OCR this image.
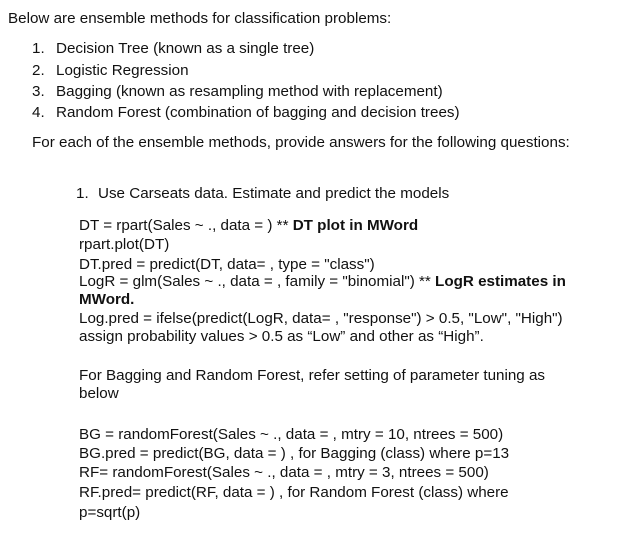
Below are ensemble methods for classification problems:
1. Decision Tree (known as a single tree)
2. Logistic Regression
3. Bagging (known as resampling method with replacement)
4. Random Forest (combination of bagging and decision trees)
For each of the ensemble methods, provide answers for the following questions:
1. Use Carseats data. Estimate and predict the models
DT = rpart(Sales ~ ., data = ) ** DT plot in MWord
rpart.plot(DT)
DT.pred = predict(DT, data= , type = "class")
LogR = glm(Sales ~ ., data = , family = "binomial") ** LogR estimates in
MWord.
Log.pred = ifelse(predict(LogR, data= , "response") > 0.5, "Low", "High")
assign probability values > 0.5 as “Low” and other as “High”.
For Bagging and Random Forest, refer setting of parameter tuning as
below
BG = randomForest(Sales ~ ., data = , mtry = 10, ntrees = 500)
BG.pred = predict(BG, data = ) , for Bagging (class) where p=13
RF= randomForest(Sales ~ ., data = , mtry = 3, ntrees = 500)
RF.pred= predict(RF, data = ) , for Random Forest (class) where
p=sqrt(p)
